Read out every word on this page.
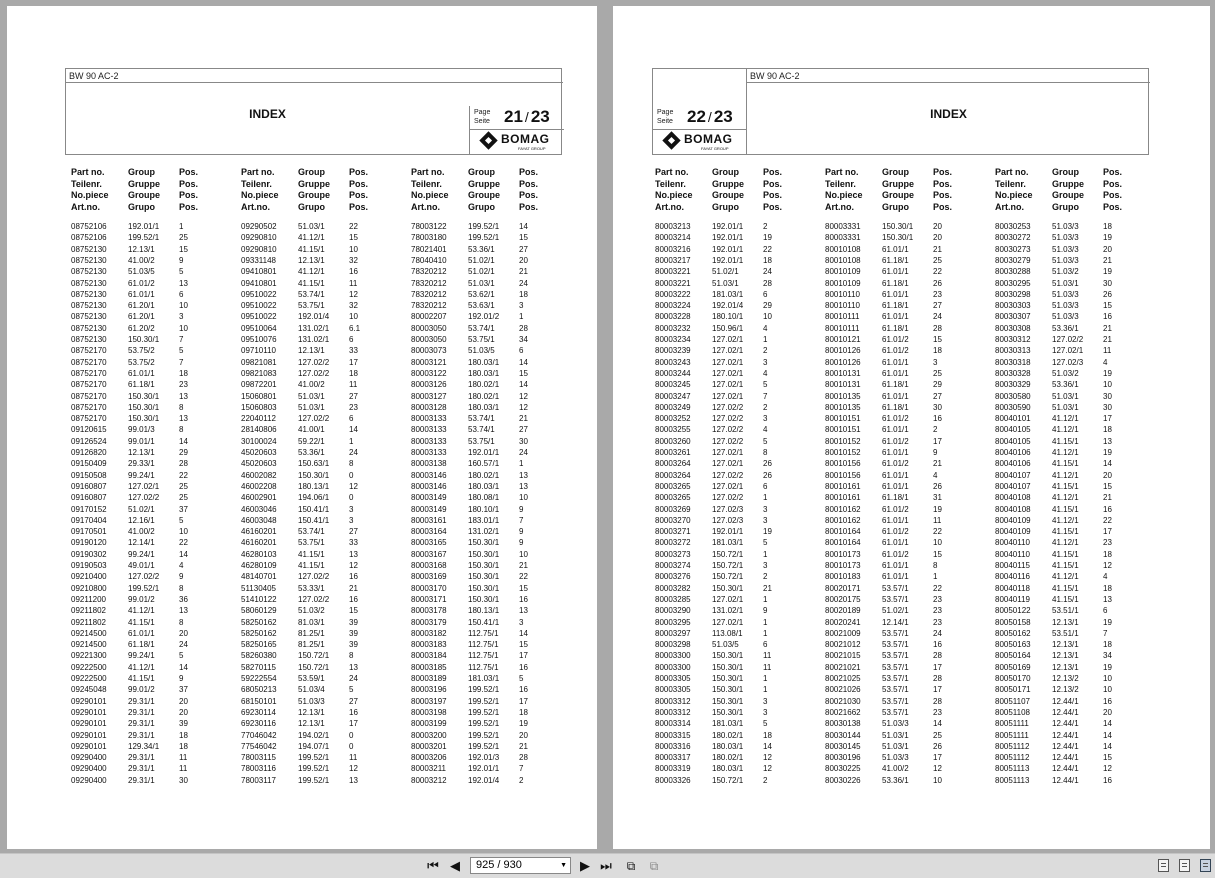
BW 90 AC-2
INDEX	Page
Seite 21 / 23
BOMAG
FAYAT GROUP
Part no.
Teilenr.
No.piece
Art.no.
Group
Gruppe
Groupe
Grupo
Pos.
Pos.
Pos.
Pos.
08752106	192.01/1 1
08752106	199.52/1 25
08752130	12.13/1	15
08752130	41.00/2	9
08752130	51.03/5	5
08752130	61.01/2	13
08752130	61.01/1	6
08752130	61.20/1	10
08752130	61.20/1	3
08752130	61.20/2	10
08752130	150.30/1 7
08752170	53.75/2	5
08752170	53.75/2	7
08752170	61.01/1	18
08752170	61.18/1	23
08752170	150.30/1 13
08752170	150.30/1 8
08752170	150.30/1 13
09120615	99.01/3	8
09126524	99.01/1	14
09126820	12.13/1	29
09150409	29.33/1	28
09150508	99.24/1	22
09160807	127.02/1 25
09160807	127.02/2 25
09170152	51.02/1	37
09170404	12.16/1	5
09170501	41.00/2	10
09190120	12.14/1	22
09190302	99.24/1	14
09190503	49.01/1	4
09210400	127.02/2 9
09210800	199.52/1 8
09211200	99.01/2	36
09211802	41.12/1	13
09211802	41.15/1	8
09214500	61.01/1	20
09214500	61.18/1	24
09221300	99.24/1	5
09222500	41.12/1	14
09222500	41.15/1	9
09245048	99.01/2	37
09290101	29.31/1	20
09290101	29.31/1	20
09290101	29.31/1	39
09290101	29.31/1	18
09290101	129.34/1 18
09290400	29.31/1	11
09290400	29.31/1	11
09290400	29.31/1	30
Part no.
Teilenr.
No.piece
Art.no.
Group
Gruppe
Groupe
Grupo
Pos.
Pos.
Pos.
Pos.
09290502	51.03/1	22
09290810	41.12/1	15
09290810	41.15/1	10
09331148	12.13/1	32
09410801	41.12/1	16
09410801	41.15/1	11
09510022	53.74/1	12
09510022	53.75/1	32
09510022	192.01/4 10
09510064	131.02/1 6.1
09510076	131.02/1 6
09710110	12.13/1	33
09821081	127.02/2 17
09821083	127.02/2 18
09872201	41.00/2	11
15060801	51.03/1	27
15060803	51.03/1	23
22040112	127.02/2 6
28140806	41.00/1	14
30100024	59.22/1	1
45020603	53.36/1	24
45020603	150.63/1 8
46002082	150.30/1 0
46002208	180.13/1 12
46002901	194.06/1 0
46003046	150.41/1 3
46003048	150.41/1 3
46160201	53.74/1	27
46160201	53.75/1	33
46280103	41.15/1	13
46280109	41.15/1	12
48140701	127.02/2 16
51130405	53.33/1	21
51410122	127.02/2 16
58060129	51.03/2	15
58250162	81.03/1	39
58250162	81.25/1	39
58250165	81.25/1	39
58260380	150.72/1 8
58270115	150.72/1 13
59222554	53.59/1	24
68050213	51.03/4	5
68150101	51.03/3	27
69230114	12.13/1	16
69230116	12.13/1	17
77046042	194.02/1 0
77546042	194.07/1 0
78003115	199.52/1 11
78003116	199.52/1 12
78003117	199.52/1 13
Part no.
Teilenr.
No.piece
Art.no.
Group
Gruppe
Groupe
Grupo
Pos.
Pos.
Pos.
Pos.
78003122	199.52/1 14
78003180	199.52/1 15
78021401	53.36/1	27
78040410	51.02/1	20
78320212	51.02/1	21
78320212	51.03/1	24
78320212	53.62/1	18
78320212	53.63/1	3
80002207	192.01/2 1
80003050	53.74/1	28
80003050	53.75/1	34
80003073	51.03/5	6
80003121	180.03/1 14
80003122	180.03/1 15
80003126	180.02/1 14
80003127	180.02/1 12
80003128	180.03/1 12
80003133	53.74/1	21
80003133	53.74/1	27
80003133	53.75/1	30
80003133	192.01/1 24
80003138	160.57/1 1
80003146	180.02/1 13
80003146	180.03/1 13
80003149	180.08/1 10
80003149	180.10/1 9
80003161	183.01/1 7
80003164	131.02/1 9
80003165	150.30/1 9
80003167	150.30/1 10
80003168	150.30/1 21
80003169	150.30/1 22
80003170	150.30/1 15
80003171	150.30/1 16
80003178	180.13/1 13
80003179	150.41/1 3
80003182	112.75/1	14
80003183	112.75/1	15
80003184	112.75/1	17
80003185	112.75/1	16
80003189	181.03/1 5
80003196	199.52/1 16
80003197	199.52/1 17
80003198	199.52/1 18
80003199	199.52/1 19
80003200	199.52/1 20
80003201	199.52/1 21
80003206	192.01/3 28
80003211	192.01/1 7
80003212	192.01/4 2
Page
Seite 22 / 23
BOMAG
FAYAT GROUP
BW 90 AC-2
INDEX
Part no.
Teilenr.
No.piece
Art.no.
Group
Gruppe
Groupe
Grupo
Pos.
Pos.
Pos.
Pos.
80003213	192.01/1 2
80003214	192.01/1 19
80003216	192.01/1 22
80003217	192.01/1 18
80003221	51.02/1	24
80003221	51.03/1	28
80003222	181.03/1 6
80003224	192.01/4 29
80003228	180.10/1 10
80003232	150.96/1 4
80003234	127.02/1 1
80003239	127.02/1 2
80003243	127.02/1 3
80003244	127.02/1 4
80003245	127.02/1 5
80003247	127.02/1 7
80003249	127.02/2 2
80003252	127.02/2 3
80003255	127.02/2 4
80003260	127.02/2 5
80003261	127.02/1 8
80003264	127.02/1 26
80003264	127.02/2 26
80003265	127.02/1 6
80003265	127.02/2 1
80003269	127.02/3 3
80003270	127.02/3 3
80003271	192.01/1 19
80003272	181.03/1 5
80003273	150.72/1 1
80003274	150.72/1 3
80003276	150.72/1 2
80003282	150.30/1 21
80003285	127.02/1 1
80003290	131.02/1 9
80003295	127.02/1 1
80003297	113.08/1	1
80003298	51.03/5	6
80003300	150.30/1 11
80003300	150.30/1 11
80003305	150.30/1 1
80003305	150.30/1 1
80003312	150.30/1 3
80003312	150.30/1 3
80003314	181.03/1 5
80003315	180.02/1 18
80003316	180.03/1 14
80003317	180.02/1 12
80003319	180.03/1 12
80003326	150.72/1 2
Part no.
Teilenr.
No.piece
Art.no.
Group
Gruppe
Groupe
Grupo
Pos.
Pos.
Pos.
Pos.
80003331	150.30/1 20
80003331	150.30/1 20
80010108	61.01/1	21
80010108	61.18/1	25
80010109	61.01/1	22
80010109	61.18/1	26
80010110	61.01/1	23
80010110	61.18/1	27
80010111	61.01/1	24
80010111	61.18/1	28
80010121	61.01/2	15
80010126	61.01/2	18
80010126	61.01/1	3
80010131	61.01/1	25
80010131	61.18/1	29
80010135	61.01/1	27
80010135	61.18/1	30
80010151	61.01/2	16
80010151	61.01/1	2
80010152	61.01/2	17
80010152	61.01/1	9
80010156	61.01/2	21
80010156	61.01/1	4
80010161	61.01/1	26
80010161	61.18/1	31
80010162	61.01/2	19
80010162	61.01/1	11
80010164	61.01/2	22
80010164	61.01/1	10
80010173	61.01/2	15
80010173	61.01/1	8
80010183	61.01/1	1
80020171	53.57/1	22
80020175	53.57/1	23
80020189	51.02/1	23
80020241	12.14/1	23
80021009	53.57/1	24
80021012	53.57/1	16
80021015	53.57/1	28
80021021	53.57/1	17
80021025	53.57/1	28
80021026	53.57/1	17
80021030	53.57/1	28
80021662	53.57/1	23
80030138	51.03/3	14
80030144	51.03/1	25
80030145	51.03/1	26
80030196	51.03/3	17
80030225	41.00/2	12
80030226	53.36/1	10
Part no.
Teilenr.
No.piece
Art.no.
Group
Gruppe
Groupe
Grupo
Pos.
Pos.
Pos.
Pos.
80030253	51.03/3	18
80030272	51.03/3	19
80030273	51.03/3	20
80030279	51.03/3	21
80030288	51.03/2	19
80030295	51.03/1	30
80030298	51.03/3	26
80030303	51.03/3	15
80030307	51.03/3	16
80030308	53.36/1	21
80030312	127.02/2 21
80030313	127.02/1 11
80030318	127.02/3 4
80030328	51.03/2	19
80030329	53.36/1	10
80030580	51.03/1	30
80030590	51.03/1	30
80040101	41.12/1	17
80040105	41.12/1	18
80040105	41.15/1	13
80040106	41.12/1	19
80040106	41.15/1	14
80040107	41.12/1	20
80040107	41.15/1	15
80040108	41.12/1	21
80040108	41.15/1	16
80040109	41.12/1	22
80040109	41.15/1	17
80040110	41.12/1	23
80040110	41.15/1	18
80040115	41.15/1	12
80040116	41.12/1	4
80040118	41.15/1	18
80040119	41.15/1	13
80050122	53.51/1	6
80050158	12.13/1	19
80050162	53.51/1	7
80050163	12.13/1	18
80050164	12.13/1	34
80050169	12.13/1	19
80050170	12.13/2	10
80050171	12.13/2	10
80051107	12.44/1	16
80051108	12.44/1	20
80051111	12.44/1	14
80051111	12.44/1	14
80051112	12.44/1	14
80051112	12.44/1	15
80051113	12.44/1	12
80051113	12.44/1	16
⏮ ◀	925 / 930	▼ ▶ ⏭	⧉	⧉
